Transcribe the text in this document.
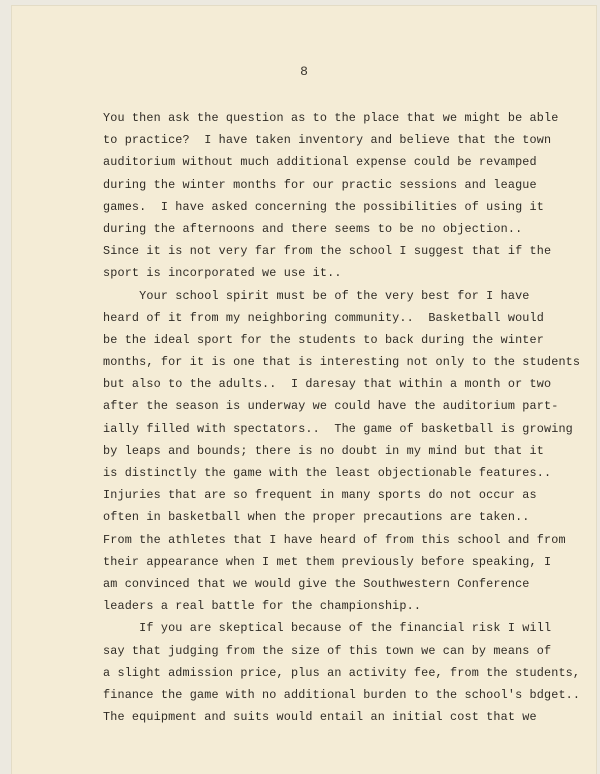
8
You then ask the question as to the place that we might be able
to practice?  I have taken inventory and believe that the town
auditorium without much additional expense could be revamped
during the winter months for our practic sessions and league
games.  I have asked concerning the possibilities of using it
during the afternoons and there seems to be no objection..
Since it is not very far from the school I suggest that if the
sport is incorporated we use it..
Your school spirit must be of the very best for I have
heard of it from my neighboring community..  Basketball would
be the ideal sport for the students to back during the winter
months, for it is one that is interesting not only to the students
but also to the adults..  I daresay that within a month or two
after the season is underway we could have the auditorium part-
ially filled with spectators..  The game of basketball is growing
by leaps and bounds; there is no doubt in my mind but that it
is distinctly the game with the least objectionable features..
Injuries that are so frequent in many sports do not occur as
often in basketball when the proper precautions are taken..
From the athletes that I have heard of from this school and from
their appearance when I met them previously before speaking, I
am convinced that we would give the Southwestern Conference
leaders a real battle for the championship..
If you are skeptical because of the financial risk I will
say that judging from the size of this town we can by means of
a slight admission price, plus an activity fee, from the students,
finance the game with no additional burden to the school's bdget..
The equipment and suits would entail an initial cost that we
